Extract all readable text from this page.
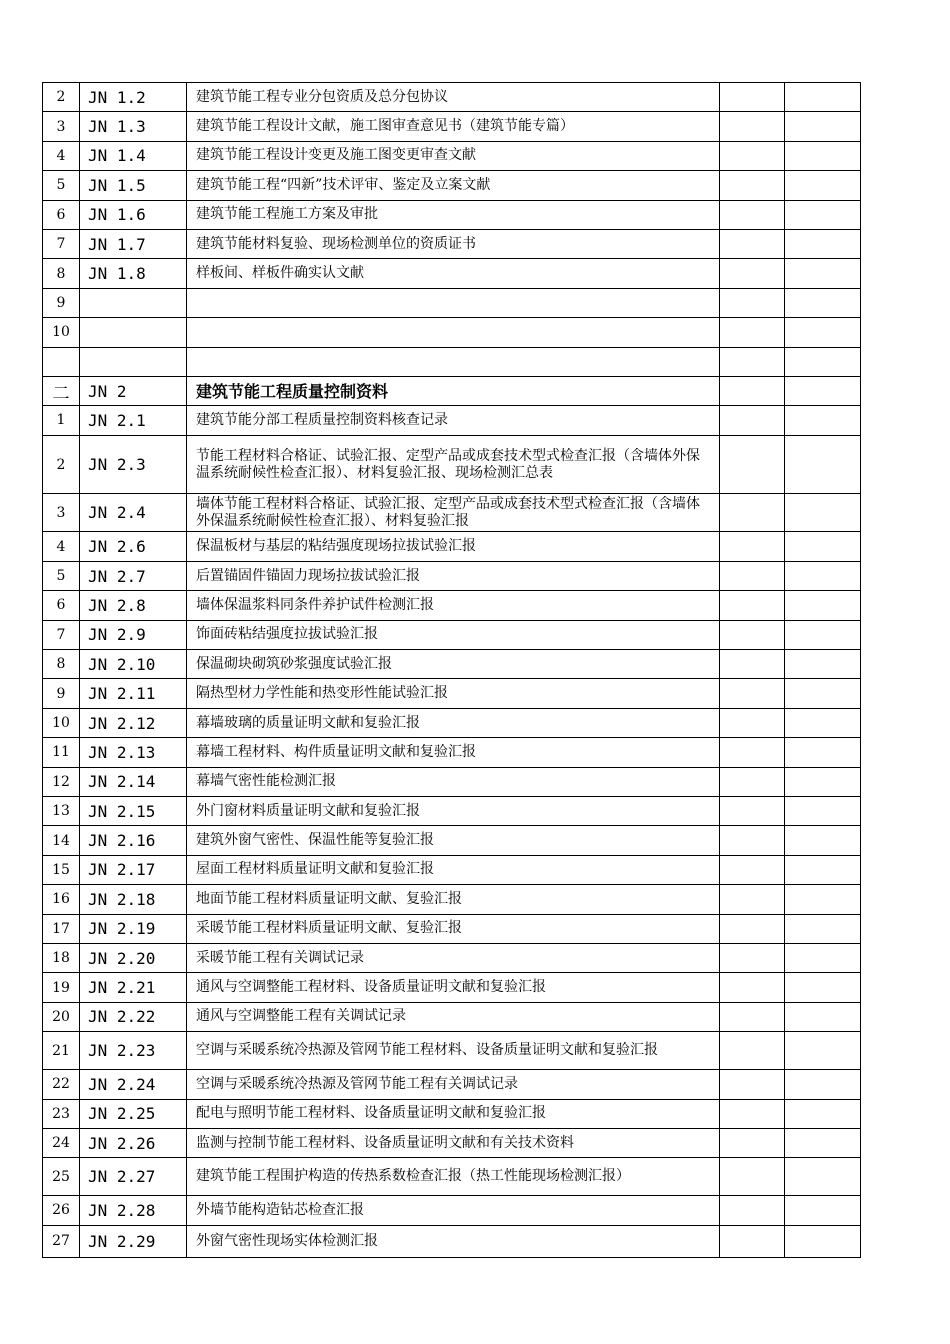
2	JN 1.2	建筑节能工程专业分包资质及总分包协议		
3	JN 1.3	建筑节能工程设计文献，施工图审查意见书（建筑节能专篇）		
4	JN 1.4	建筑节能工程设计变更及施工图变更审查文献		
5	JN 1.5	建筑节能工程“四新”技术评审、鉴定及立案文献		
6	JN 1.6	建筑节能工程施工方案及审批		
7	JN 1.7	建筑节能材料复验、现场检测单位的资质证书		
8	JN 1.8	样板间、样板件确实认文献		
9				
10				

二	JN 2	建筑节能工程质量控制资料		
1	JN 2.1	建筑节能分部工程质量控制资料核查记录		
2	JN 2.3	节能工程材料合格证、试验汇报、定型产品或成套技术型式检查汇报（含墙体外保温系统耐候性检查汇报）、材料复验汇报、现场检测汇总表		
3	JN 2.4	墙体节能工程材料合格证、试验汇报、定型产品或成套技术型式检查汇报（含墙体外保温系统耐候性检查汇报）、材料复验汇报		
4	JN 2.6	保温板材与基层的粘结强度现场拉拔试验汇报		
5	JN 2.7	后置锚固件锚固力现场拉拔试验汇报		
6	JN 2.8	墙体保温浆料同条件养护试件检测汇报		
7	JN 2.9	饰面砖粘结强度拉拔试验汇报		
8	JN 2.10	保温砌块砌筑砂浆强度试验汇报		
9	JN 2.11	隔热型材力学性能和热变形性能试验汇报		
10	JN 2.12	幕墙玻璃的质量证明文献和复验汇报		
11	JN 2.13	幕墙工程材料、构件质量证明文献和复验汇报		
12	JN 2.14	幕墙气密性能检测汇报		
13	JN 2.15	外门窗材料质量证明文献和复验汇报		
14	JN 2.16	建筑外窗气密性、保温性能等复验汇报		
15	JN 2.17	屋面工程材料质量证明文献和复验汇报		
16	JN 2.18	地面节能工程材料质量证明文献、复验汇报		
17	JN 2.19	采暖节能工程材料质量证明文献、复验汇报		
18	JN 2.20	采暖节能工程有关调试记录		
19	JN 2.21	通风与空调整能工程材料、设备质量证明文献和复验汇报		
20	JN 2.22	通风与空调整能工程有关调试记录		
21	JN 2.23	空调与采暖系统冷热源及管网节能工程材料、设备质量证明文献和复验汇报		
22	JN 2.24	空调与采暖系统冷热源及管网节能工程有关调试记录		
23	JN 2.25	配电与照明节能工程材料、设备质量证明文献和复验汇报		
24	JN 2.26	监测与控制节能工程材料、设备质量证明文献和有关技术资料		
25	JN 2.27	建筑节能工程围护构造的传热系数检查汇报（热工性能现场检测汇报）		
26	JN 2.28	外墙节能构造钻芯检查汇报		
27	JN 2.29	外窗气密性现场实体检测汇报		
